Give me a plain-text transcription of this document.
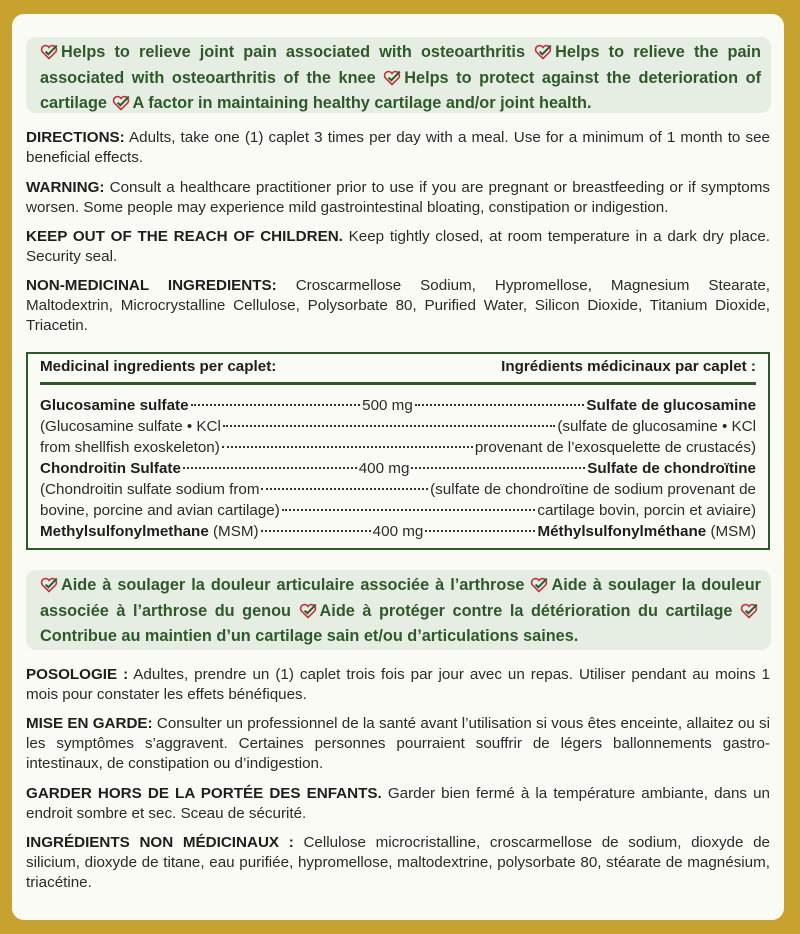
Helps to relieve joint pain associated with osteoarthritis Helps to relieve the pain associated with osteoarthritis of the knee Helps to protect against the deterioration of cartilage A factor in maintaining healthy cartilage and/or joint health.
DIRECTIONS: Adults, take one (1) caplet 3 times per day with a meal. Use for a minimum of 1 month to see beneficial effects.
WARNING: Consult a healthcare practitioner prior to use if you are pregnant or breastfeeding or if symptoms worsen. Some people may experience mild gastrointestinal bloating, constipation or indigestion.
KEEP OUT OF THE REACH OF CHILDREN. Keep tightly closed, at room temperature in a dark dry place. Security seal.
NON-MEDICINAL INGREDIENTS: Croscarmellose Sodium, Hypromellose, Magnesium Stearate, Maltodextrin, Microcrystalline Cellulose, Polysorbate 80, Purified Water, Silicon Dioxide, Titanium Dioxide, Triacetin.
Medicinal ingredients per caplet:	Ingrédients médicinaux par caplet :
Glucosamine sulfate	500 mg	Sulfate de glucosamine
(Glucosamine sulfate • KCl	(sulfate de glucosamine • KCl
from shellfish exoskeleton)	provenant de l’exosquelette de crustacés)
Chondroitin Sulfate	400 mg	Sulfate de chondroïtine
(Chondroitin sulfate sodium from	(sulfate de chondroïtine de sodium provenant de
bovine, porcine and avian cartilage)	cartilage bovin, porcin et aviaire)
Methylsulfonylmethane (MSM)	400 mg	Méthylsulfonylméthane (MSM)
Aide à soulager la douleur articulaire associée à l’arthrose Aide à soulager la douleur associée à l’arthrose du genou Aide à protéger contre la détérioration du cartilage Contribue au maintien d’un cartilage sain et/ou d’articulations saines.
POSOLOGIE : Adultes, prendre un (1) caplet trois fois par jour avec un repas. Utiliser pendant au moins 1 mois pour constater les effets bénéfiques.
MISE EN GARDE: Consulter un professionnel de la santé avant l’utilisation si vous êtes enceinte, allaitez ou si les symptômes s’aggravent. Certaines personnes pourraient souffrir de légers ballonnements gastro-intestinaux, de constipation ou d’indigestion.
GARDER HORS DE LA PORTÉE DES ENFANTS. Garder bien fermé à la température ambiante, dans un endroit sombre et sec. Sceau de sécurité.
INGRÉDIENTS NON MÉDICINAUX : Cellulose microcristalline, croscarmellose de sodium, dioxyde de silicium, dioxyde de titane, eau purifiée, hypromellose, maltodextrine, polysorbate 80, stéarate de magnésium, triacétine.
